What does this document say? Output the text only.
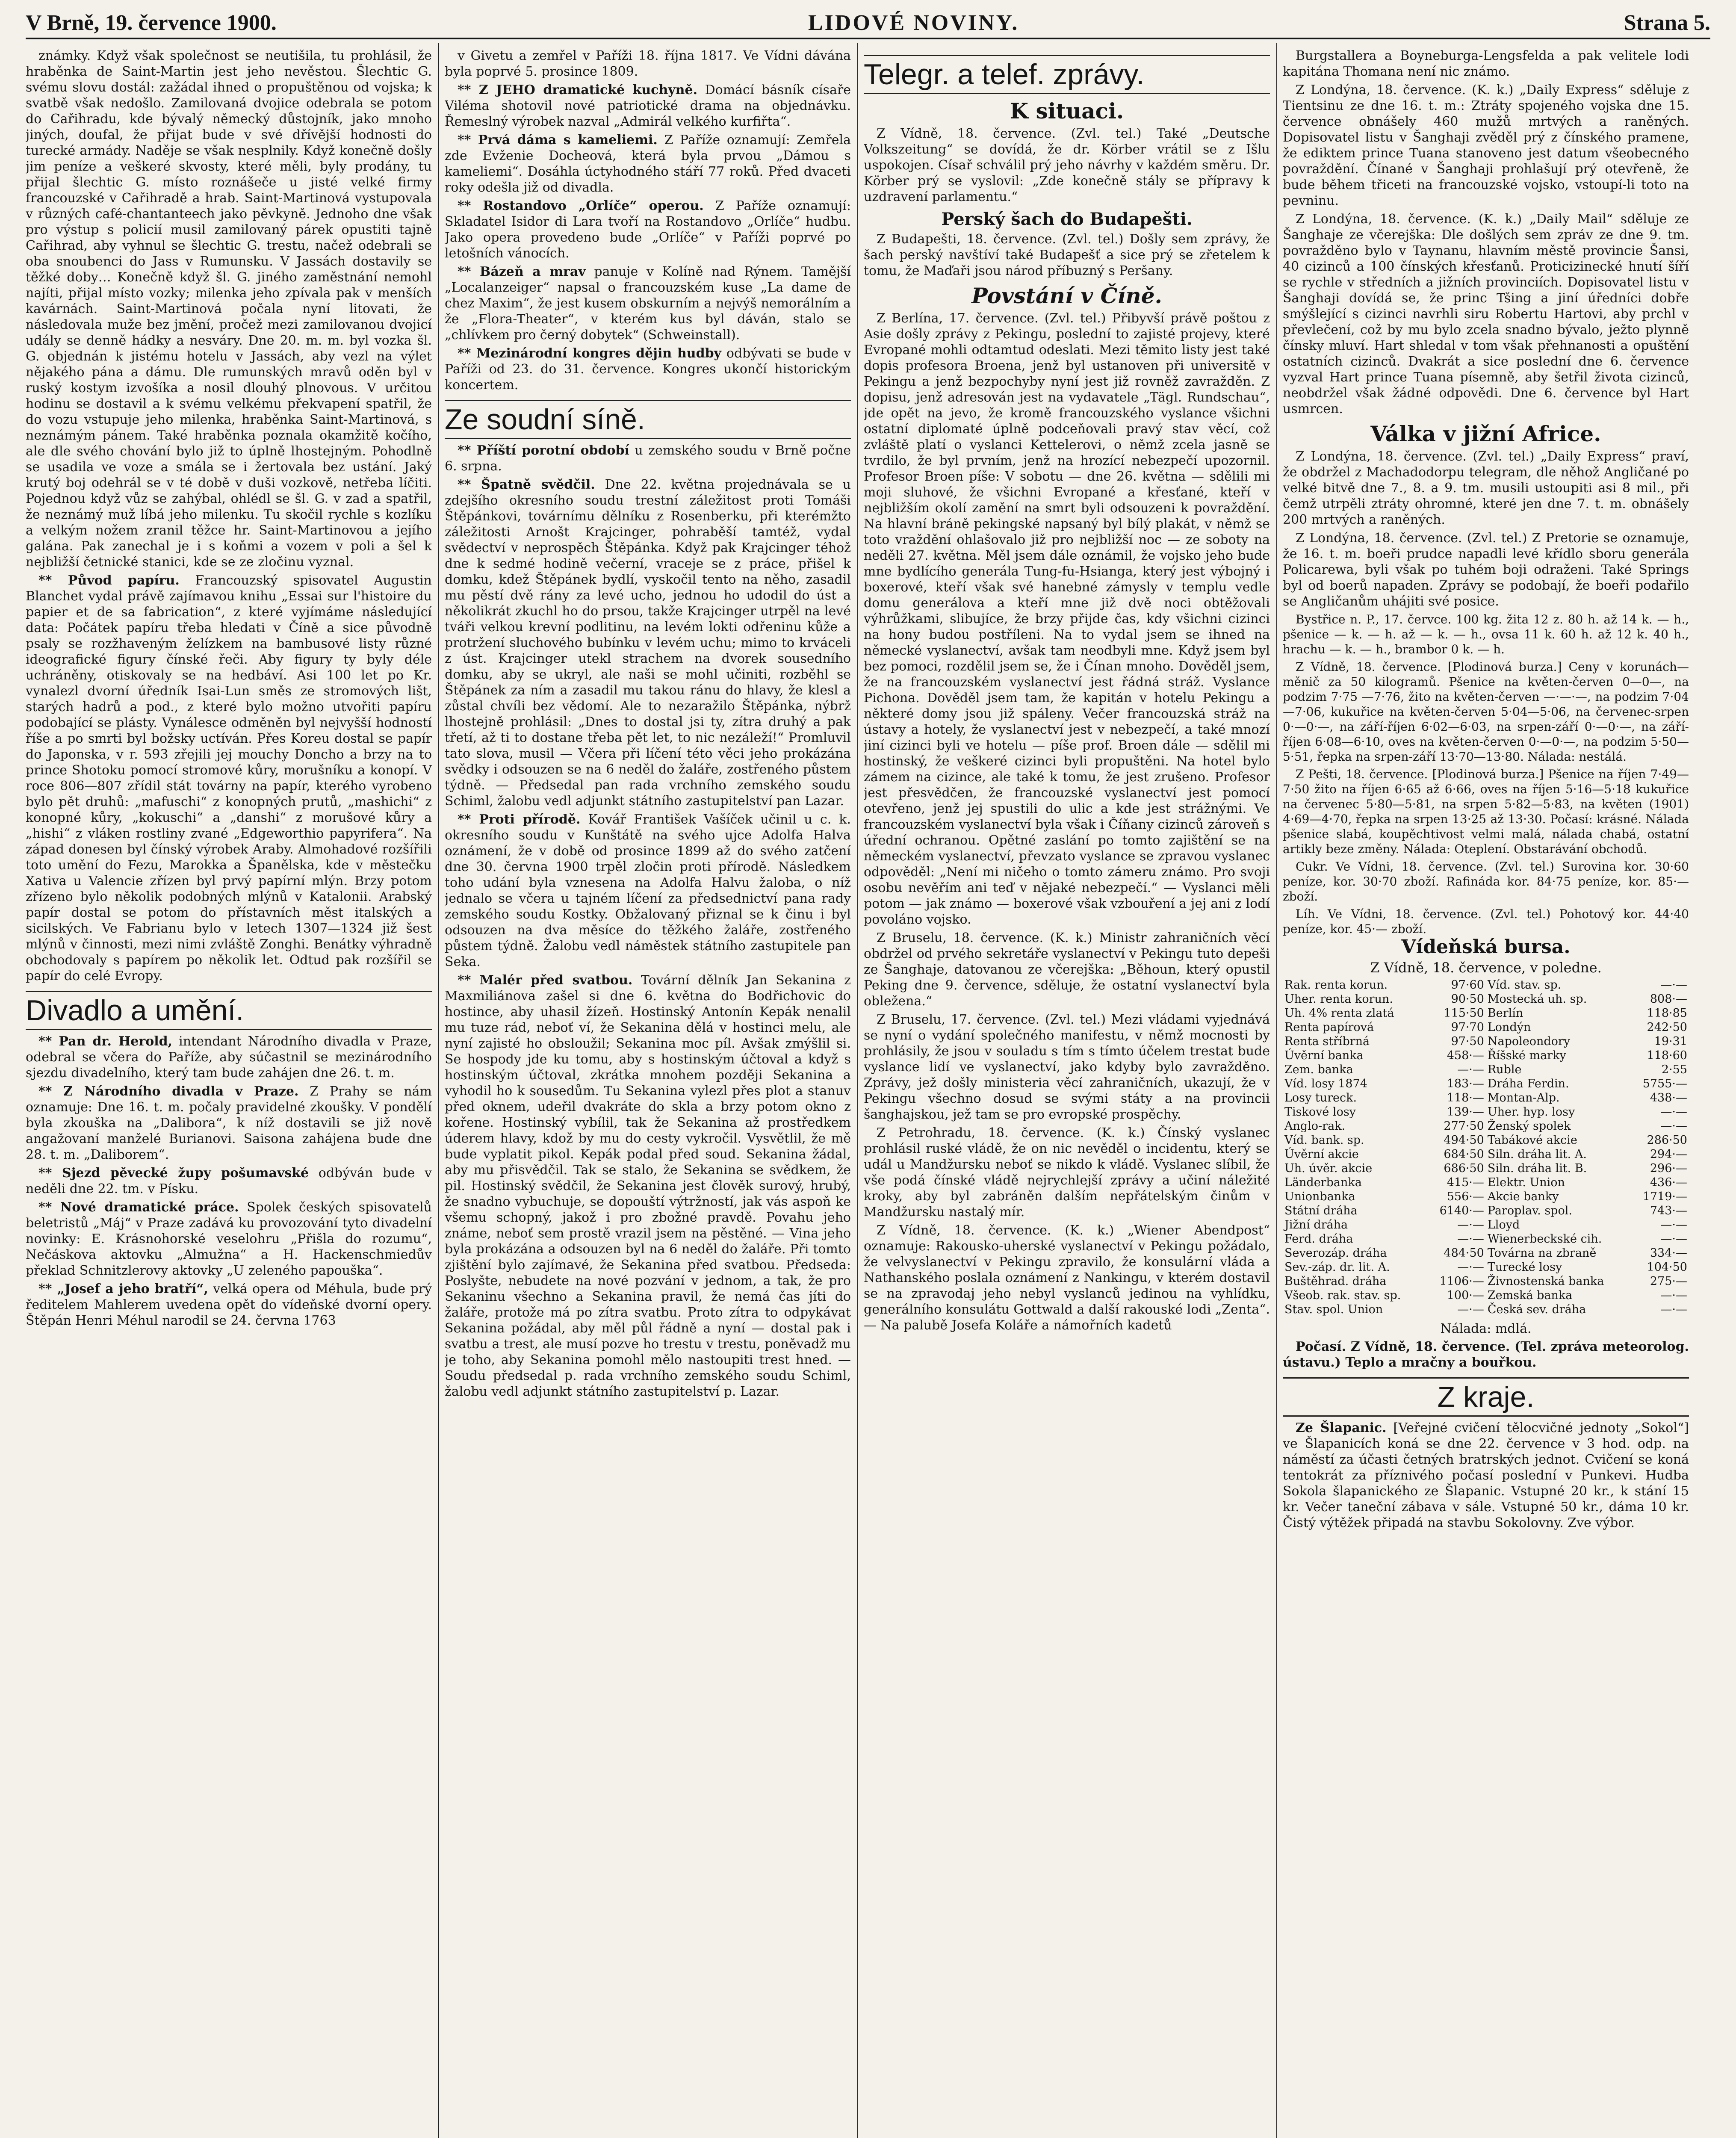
V Brně, 19. července 1900.	LIDOVÉ NOVINY.	Strana 5.

známky. Když však společnost se neutišila, tu prohlásil, že hraběnka de Saint-Martin jest jeho nevěstou. Šlechtic G. svému slovu dostál: zažádal ihned o propuštěnou od vojska; k svatbě však nedošlo. Zamilovaná dvojice odebrala se potom do Cařihradu, kde bývalý německý důstojník, jako mnoho jiných, doufal, že přijat bude v své dřívější hodnosti do turecké armády. Naděje se však nesplnily. Když konečně došly jim peníze a veškeré skvosty, které měli, byly prodány, tu přijal šlechtic G. místo roznášeče u jisté velké firmy francouzské v Cařihradě a hrab. Saint-Martinová vystupovala v různých café-chantanteech jako pěvkyně. Jednoho dne však pro výstup s policií musil zamilovaný párek opustiti tajně Cařihrad, aby vyhnul se šlechtic G. trestu, načež odebrali se oba snoubenci do Jass v Rumunsku. V Jassách dostavily se těžké doby… Konečně když šl. G. jiného zaměstnání nemohl najíti, přijal místo vozky; milenka jeho zpívala pak v menších kavárnách. Saint-Martinová počala nyní litovati, že následovala muže bez jmění, pročež mezi zamilovanou dvojicí udály se denně hádky a nesváry. Dne 20. m. m. byl vozka šl. G. objednán k jistému hotelu v Jassách, aby vezl na výlet nějakého pána a dámu. Dle rumunských mravů oděn byl v ruský kostym izvošíka a nosil dlouhý plnovous. V určitou hodinu se dostavil a k svému velkému překvapení spatřil, že do vozu vstupuje jeho milenka, hraběnka Saint-Martinová, s neznámým pánem. Také hraběnka poznala okamžitě kočího, ale dle svého chování bylo již to úplně lhostejným. Pohodlně se usadila ve voze a smála se i žertovala bez ustání. Jaký krutý boj odehrál se v té době v duši vozkově, netřeba líčiti. Pojednou když vůz se zahýbal, ohlédl se šl. G. v zad a spatřil, že neznámý muž líbá jeho milenku. Tu skočil rychle s kozlíku a velkým nožem zranil těžce hr. Saint-Martinovou a jejího galána. Pak zanechal je i s koňmi a vozem v poli a šel k nejbližší četnické stanici, kde se ze zločinu vyznal.

** Původ papíru. Francouzský spisovatel Augustin Blanchet vydal právě zajímavou knihu „Essai sur l'histoire du papier et de sa fabrication“, z které vyjímáme následující data: Počátek papíru třeba hledati v Číně a sice původně psaly se rozžhaveným želízkem na bambusové listy různé ideografické figury čínské řeči. Aby figury ty byly déle uchráněny, otiskovaly se na hedbáví. Asi 100 let po Kr. vynalezl dvorní úředník Isai-Lun směs ze stromových lišt, starých hadrů a pod., z které bylo možno utvořiti papíru podobající se plásty. Vynálesce odměněn byl nejvyšší hodností říše a po smrti byl božsky uctíván. Přes Koreu dostal se papír do Japonska, v r. 593 zřejili jej mouchy Doncho a brzy na to prince Shotoku pomocí stromové kůry, morušníku a konopí. V roce 806—807 zřídil stát továrny na papír, kterého vyrobeno bylo pět druhů: „mafuschi“ z konopných prutů, „mashichi“ z konopné kůry, „kokuschi“ a „danshi“ z morušové kůry a „hishi“ z vláken rostliny zvané „Edgeworthio papyrifera“. Na západ donesen byl čínský výrobek Araby. Almohadové rozšířili toto umění do Fezu, Marokka a Španělska, kde v městečku Xativa u Valencie zřízen byl prvý papírní mlýn. Brzy potom zřízeno bylo několik podobných mlýnů v Katalonii. Arabský papír dostal se potom do přístavních měst italských a sicilských. Ve Fabrianu bylo v letech 1307—1324 již šest mlýnů v činnosti, mezi nimi zvláště Zonghi. Benátky výhradně obchodovaly s papírem po několik let. Odtud pak rozšířil se papír do celé Evropy.

Divadlo a umění.

** Pan dr. Herold, intendant Národního divadla v Praze, odebral se včera do Paříže, aby súčastnil se mezinárodního sjezdu divadelního, který tam bude zahájen dne 26. t. m.

** Z Národního divadla v Praze. Z Prahy se nám oznamuje: Dne 16. t. m. počaly pravidelné zkoušky. V pondělí byla zkouška na „Dalibora“, k níž dostavili se již nově angažovaní manželé Burianovi. Saisona zahájena bude dne 28. t. m. „Daliborem“.

** Sjezd pěvecké župy pošumavské odbýván bude v neděli dne 22. tm. v Písku.

** Nové dramatické práce. Spolek českých spisovatelů beletristů „Máj“ v Praze zadává ku provozování tyto divadelní novinky: E. Krásnohorské veselohru „Přišla do rozumu“, Nečáskova aktovku „Almužna“ a H. Hackenschmiedův překlad Schnitzlerovy aktovky „U zeleného papouška“.

** „Josef a jeho bratří“, velká opera od Méhula, bude prý ředitelem Mahlerem uvedena opět do vídeňské dvorní opery. Štěpán Henri Méhul narodil se 24. června 1763

v Givetu a zemřel v Paříži 18. října 1817. Ve Vídni dávána byla poprvé 5. prosince 1809.

** Z JEHO dramatické kuchyně. Domácí básník císaře Viléma shotovil nové patriotické drama na objednávku. Řemeslný výrobek nazval „Admirál velkého kurfiřta“.

** Prvá dáma s kameliemi. Z Paříže oznamují: Zemřela zde Evženie Docheová, která byla prvou „Dámou s kameliemi“. Dosáhla úctyhodného stáří 77 roků. Před dvaceti roky odešla již od divadla.

** Rostandovo „Orlíče“ operou. Z Paříže oznamují: Skladatel Isidor di Lara tvoří na Rostandovo „Orlíče“ hudbu. Jako opera provedeno bude „Orlíče“ v Paříži poprvé po letošních vánocích.

** Bázeň a mrav panuje v Kolíně nad Rýnem. Tamější „Localanzeiger“ napsal o francouzském kuse „La dame de chez Maxim“, že jest kusem obskurním a nejvýš nemorálním a že „Flora-Theater“, v kterém kus byl dáván, stalo se „chlívkem pro černý dobytek“ (Schweinstall).

** Mezinárodní kongres dějin hudby odbývati se bude v Paříži od 23. do 31. července. Kongres ukončí historickým koncertem.

Ze soudní síně.

** Příští porotní období u zemského soudu v Brně počne 6. srpna.

** Špatně svědčil. Dne 22. května projednávala se u zdejšího okresního soudu trestní záležitost proti Tomáši Štěpánkovi, továrnímu dělníku z Rosenberku, při kterémžto záležitosti Arnošt Krajcinger, pohraběší tamtéž, vydal svědectví v neprospěch Štěpánka. Když pak Krajcinger téhož dne k sedmé hodině večerní, vraceje se z práce, přišel k domku, kdež Štěpánek bydlí, vyskočil tento na něho, zasadil mu pěstí dvě rány za levé ucho, jednou ho udodil do úst a několikrát zkuchl ho do prsou, takže Krajcinger utrpěl na levé tváři velkou krevní podlitinu, na levém lokti odřeninu kůže a protržení sluchového bubínku v levém uchu; mimo to krváceli z úst. Krajcinger utekl strachem na dvorek sousedního domku, aby se ukryl, ale naši se mohl učiniti, rozběhl se Štěpánek za ním a zasadil mu takou ránu do hlavy, že klesl a zůstal chvíli bez vědomí. Ale to nezaražilo Štěpánka, nýbrž lhostejně prohlásil: „Dnes to dostal jsi ty, zítra druhý a pak třetí, až ti to dostane třeba pět let, to nic nezáleží!“ Promluvil tato slova, musil — Včera při líčení této věci jeho prokázána svědky i odsouzen se na 6 neděl do žaláře, zostřeného půstem týdně. — Předsedal pan rada vrchního zemského soudu Schiml, žalobu vedl adjunkt státního zastupitelství pan Lazar.

** Proti přírodě. Kovář František Vašíček učinil u c. k. okresního soudu v Kunštátě na svého ujce Adolfa Halva oznámení, že v době od prosince 1899 až do svého zatčení dne 30. června 1900 trpěl zločin proti přírodě. Následkem toho udání byla vznesena na Adolfa Halvu žaloba, o níž jednalo se včera u tajném líčení za předsednictví pana rady zemského soudu Kostky. Obžalovaný přiznal se k činu i byl odsouzen na dva měsíce do těžkého žaláře, zostřeného půstem týdně. Žalobu vedl náměstek státního zastupitele pan Seka.

** Malér před svatbou. Tovární dělník Jan Sekanina z Maxmiliánova zašel si dne 6. května do Bodřichovic do hostince, aby uhasil žízeň. Hostinský Antonín Kepák nenalil mu tuze rád, neboť ví, že Sekanina dělá v hostinci melu, ale nyní zajisté ho obsloužil; Sekanina moc píl. Avšak zmýšlil si. Se hospody jde ku tomu, aby s hostinským účtoval a když s hostinským účtoval, zkrátka mnohem později Sekanina a vyhodil ho k sousedům. Tu Sekanina vylezl přes plot a stanuv před oknem, udeřil dvakráte do skla a brzy potom okno z kořene. Hostinský vybílil, tak že Sekanina až prostředkem úderem hlavy, kdož by mu do cesty vykročil. Vysvětlil, že mě bude vyplatit pikol. Kepák podal před soud. Sekanina žádal, aby mu přisvědčil. Tak se stalo, že Sekanina se svědkem, že pil. Hostinský svědčil, že Sekanina jest člověk surový, hrubý, že snadno vybuchuje, se dopouští výtržností, jak vás aspoň ke všemu schopný, jakož i pro zbožné pravdě. Povahu jeho známe, neboť sem prostě vrazil jsem na pěstěné. — Vina jeho byla prokázána a odsouzen byl na 6 neděl do žaláře. Při tomto zjištění bylo zajímavé, že Sekanina před svatbou. Předseda: Poslyšte, nebudete na nové pozvání v jednom, a tak, že pro Sekaninu všechno a Sekanina pravil, že nemá čas jíti do žaláře, protože má po zítra svatbu. Proto zítra to odpykávat Sekanina požádal, aby měl půl řádně a nyní — dostal pak i svatbu a trest, ale musí pozve ho trestu v trestu, poněvadž mu je toho, aby Sekanina pomohl mělo nastoupiti trest hned. — Soudu předsedal p. rada vrchního zemského soudu Schiml, žalobu vedl adjunkt státního zastupitelství p. Lazar.

Telegr. a telef. zprávy.
K situaci.

Z Vídně, 18. července. (Zvl. tel.) Také „Deutsche Volkszeitung“ se dovídá, že dr. Körber vrátil se z Išlu uspokojen. Císař schválil prý jeho návrhy v každém směru. Dr. Körber prý se vyslovil: „Zde konečně stály se přípravy k uzdravení parlamentu.“

Perský šach do Budapešti.

Z Budapešti, 18. července. (Zvl. tel.) Došly sem zprávy, že šach perský navštíví také Budapešť a sice prý se zřetelem k tomu, že Maďaři jsou národ příbuzný s Peršany.

Povstání v Číně.

Z Berlína, 17. července. (Zvl. tel.) Přibyvší právě poštou z Asie došly zprávy z Pekingu, poslední to zajisté projevy, které Evropané mohli odtamtud odeslati. Mezi těmito listy jest také dopis profesora Broena, jenž byl ustanoven při universitě v Pekingu a jenž bezpochyby nyní jest již rovněž zavražděn. Z dopisu, jenž adresován jest na vydavatele „Tägl. Rundschau“, jde opět na jevo, že kromě francouzského vyslance všichni ostatní diplomaté úplně podceňovali pravý stav věcí, což zvláště platí o vyslanci Kettelerovi, o němž zcela jasně se tvrdilo, že byl prvním, jenž na hrozící nebezpečí upozornil. Profesor Broen píše: V sobotu — dne 26. května — sdělili mi moji sluhové, že všichni Evropané a křesťané, kteří v nejbližším okolí zamění na smrt byli odsouzeni k povraždění. Na hlavní bráně pekingské napsaný byl bílý plakát, v němž se toto vraždění ohlašovalo již pro nejbližší noc — ze soboty na neděli 27. května. Měl jsem dále oznámil, že vojsko jeho bude mne bydlícího generála Tung-fu-Hsianga, který jest výbojný i boxerové, kteří však své hanebné zámysly v templu vedle domu generálova a kteří mne již dvě noci obtěžovali výhrůžkami, slibujíce, že brzy přijde čas, kdy všichni cizinci na hony budou postříleni. Na to vydal jsem se ihned na německé vyslanectví, avšak tam neodbyli mne. Když jsem byl bez pomoci, rozdělil jsem se, že i Čínan mnoho. Dověděl jsem, že na francouzském vyslanectví jest řádná stráž. Vyslance Pichona. Dověděl jsem tam, že kapitán v hotelu Pekingu a některé domy jsou již spáleny. Večer francouzská stráž na ústavy a hotely, že vyslanectví jest v nebezpečí, a také mnozí jiní cizinci byli ve hotelu — píše prof. Broen dále — sdělil mi hostinský, že veškeré cizinci byli propuštěni. Na hotel bylo zámem na cizince, ale také k tomu, že jest zrušeno. Profesor jest přesvědčen, že francouzské vyslanectví jest pomocí otevřeno, jenž jej spustili do ulic a kde jest strážnými. Ve francouzském vyslanectví byla však i Číňany cizinců zároveň s úřední ochranou. Opětné zaslání po tomto zajištění se na německém vyslanectví, převzato vyslance se zpravou vyslanec odpověděl: „Není mi ničeho o tomto zámeru známo. Pro svoji osobu nevěřím ani teď v nějaké nebezpečí.“ — Vyslanci měli potom — jak známo — boxerové však vzbouření a jej ani z lodí povoláno vojsko.

Z Bruselu, 18. července. (K. k.) Ministr zahraničních věcí obdržel od prvého sekretáře vyslanectví v Pekingu tuto depeši ze Šanghaje, datovanou ze včerejška: „Běhoun, který opustil Peking dne 9. července, sděluje, že ostatní vyslanectví byla obležena.“

Z Bruselu, 17. července. (Zvl. tel.) Mezi vládami vyjednává se nyní o vydání společného manifestu, v němž mocnosti by prohlásily, že jsou v souladu s tím s tímto účelem trestat bude vyslance lidí ve vyslanectví, jako kdyby bylo zavražděno. Zprávy, jež došly ministeria věcí zahraničních, ukazují, že v Pekingu všechno dosud se svými státy a na provincii šanghajskou, jež tam se pro evropské prospěchy.

Z Petrohradu, 18. července. (K. k.) Čínský vyslanec prohlásil ruské vládě, že on nic nevěděl o incidentu, který se udál u Mandžursku neboť se nikdo k vládě. Vyslanec slíbil, že vše podá čínské vládě nejrychlejší zprávy a učiní náležité kroky, aby byl zabráněn dalším nepřátelským činům v Mandžursku nastalý mír.

Z Vídně, 18. července. (K. k.) „Wiener Abendpost“ oznamuje: Rakousko-uherské vyslanectví v Pekingu požádalo, že velvyslanectví v Pekingu zpravilo, že konsulární vláda a Nathanského poslala oznámení z Nankingu, v kterém dostavil se na zpravodaj jeho nebyl vyslanců jedinou na vyhlídku, generálního konsulátu Gottwald a další rakouské lodi „Zenta“. — Na palubě Josefa Koláře a námořních kadetů

Burgstallera a Boyneburga-Lengsfelda a pak velitele lodi kapitána Thomana není nic známo.

Z Londýna, 18. července. (K. k.) „Daily Express“ sděluje z Tientsinu ze dne 16. t. m.: Ztráty spojeného vojska dne 15. července obnášely 460 mužů mrtvých a raněných. Dopisovatel listu v Šanghaji zvěděl prý z čínského pramene, že ediktem prince Tuana stanoveno jest datum všeobecného povraždění. Čínané v Šanghaji prohlašují prý otevřeně, že bude během třiceti na francouzské vojsko, vstoupí-li toto na pevninu.

Z Londýna, 18. července. (K. k.) „Daily Mail“ sděluje ze Šanghaje ze včerejška: Dle došlých sem zpráv ze dne 9. tm. povražděno bylo v Taynanu, hlavním městě provincie Šansi, 40 cizinců a 100 čínských křesťanů. Proticizinecké hnutí šíří se rychle v středních a jižních provinciích. Dopisovatel listu v Šanghaji dovídá se, že princ Tšing a jiní úředníci dobře smýšlející s cizinci navrhli siru Robertu Hartovi, aby prchl v převlečení, což by mu bylo zcela snadno bývalo, ježto plynně čínsky mluví. Hart shledal v tom však přehnanosti a opuštění ostatních cizinců. Dvakrát a sice poslední dne 6. července vyzval Hart prince Tuana písemně, aby šetřil života cizinců, neobdržel však žádné odpovědi. Dne 6. července byl Hart usmrcen.

Válka v jižní Africe.

Z Londýna, 18. července. (Zvl. tel.) „Daily Express“ praví, že obdržel z Machadodorpu telegram, dle něhož Angličané po velké bitvě dne 7., 8. a 9. tm. musili ustoupiti asi 8 mil., při čemž utrpěli ztráty ohromné, které jen dne 7. t. m. obnášely 200 mrtvých a raněných.

Z Londýna, 18. července. (Zvl. tel.) Z Pretorie se oznamuje, že 16. t. m. boeři prudce napadli levé křídlo sboru generála Policarewa, byli však po tuhém boji odraženi. Také Springs byl od boerů napaden. Zprávy se podobají, že boeři podařilo se Angličanům uhájiti své posice.

Bystřice n. P., 17. červce. 100 kg. žita 12 z. 80 h. až 14 k. — h., pšenice — k. — h. až — k. — h., ovsa 11 k. 60 h. až 12 k. 40 h., hrachu — k. — h., brambor 0 k. — h.

Z Vídně, 18. července. [Plodinová burza.] Ceny v korunách—měnič za 50 kilogramů. Pšenice na květen-červen 0—0—, na podzim 7·75 —7·76, žito na květen-červen —·—·—, na podzim 7·04—7·06, kukuřice na květen-červen 5·04—5·06, na červenec-srpen 0·—0·—, na září-říjen 6·02—6·03, na srpen-září 0·—0·—, na září-říjen 6·08—6·10, oves na květen-červen 0·—0·—, na podzim 5·50—5·51, řepka na srpen-září 13·70—13·80. Nálada: nestálá.

Z Pešti, 18. července. [Plodinová burza.] Pšenice na říjen 7·49—7·50 žito na říjen 6·65 až 6·66, oves na říjen 5·16—5·18 kukuřice na červenec 5·80—5·81, na srpen 5·82—5·83, na květen (1901) 4·69—4·70, řepka na srpen 13·25 až 13·30. Počasí: krásné. Nálada pšenice slabá, koupěchtivost velmi malá, nálada chabá, ostatní artikly beze změny. Nálada: Oteplení. Obstarávání obchodů.

Cukr. Ve Vídni, 18. července. (Zvl. tel.) Surovina kor. 30·60 peníze, kor. 30·70 zboží. Rafináda kor. 84·75 peníze, kor. 85·— zboží.

Líh. Ve Vídni, 18. července. (Zvl. tel.) Pohotový kor. 44·40 peníze, kor. 45·— zboží.

Vídeňská bursa.
Z Vídně, 18. července, v poledne.
Rak. renta korun.	97·60	Víd. stav. sp.	—·—
Uher. renta korun.	90·50	Mostecká uh. sp.	808·—
Uh. 4% renta zlatá	115·50	Berlín	118·85
Renta papírová	97·70	Londýn	242·50
Renta stříbrná	97·50	Napoleondory	19·31
Úvěrní banka	458·—	Říšské marky	118·60
Zem. banka	—·—	Ruble	2·55
Víd. losy 1874	183·—	Dráha Ferdin.	5755·—
Losy tureck.	118·—	Montan-Alp.	438·—
Tiskové losy	139·—	Uher. hyp. losy	—·—
Anglo-rak.	277·50	Ženský spolek	—·—
Víd. bank. sp.	494·50	Tabákové akcie	286·50
Úvěrní akcie	684·50	Siln. dráha lit. A.	294·—
Uh. úvěr. akcie	686·50	Siln. dráha lit. B.	296·—
Länderbanka	415·—	Elektr. Union	436·—
Unionbanka	556·—	Akcie banky	1719·—
Státní dráha	6140·—	Paroplav. spol.	743·—
Jižní dráha	—·—	Lloyd	—·—
Ferd. dráha	—·—	Wienerbeckské cih.	—·—
Severozáp. dráha	484·50	Továrna na zbraně	334·—
Sev.-záp. dr. lit. A.	—·—	Turecké losy	104·50
Buštěhrad. dráha	1106·—	Živnostenská banka	275·—
Všeob. rak. stav. sp.	100·—	Zemská banka	—·—
Stav. spol. Union	—·—	Česká sev. dráha	—·—
Nálada: mdlá.

Počasí. Z Vídně, 18. července. (Tel. zpráva meteorolog. ústavu.) Teplo a mračny a bouřkou.

Z kraje.

Ze Šlapanic. [Veřejné cvičení tělocvičné jednoty „Sokol“] ve Šlapanicích koná se dne 22. července v 3 hod. odp. na náměstí za účasti četných bratrských jednot. Cvičení se koná tentokrát za příznivého počasí poslední v Punkevi. Hudba Sokola šlapanického ze Šlapanic. Vstupné 20 kr., k stání 15 kr. Večer taneční zábava v sále. Vstupné 50 kr., dáma 10 kr. Čistý výtěžek připadá na stavbu Sokolovny. Zve výbor.
